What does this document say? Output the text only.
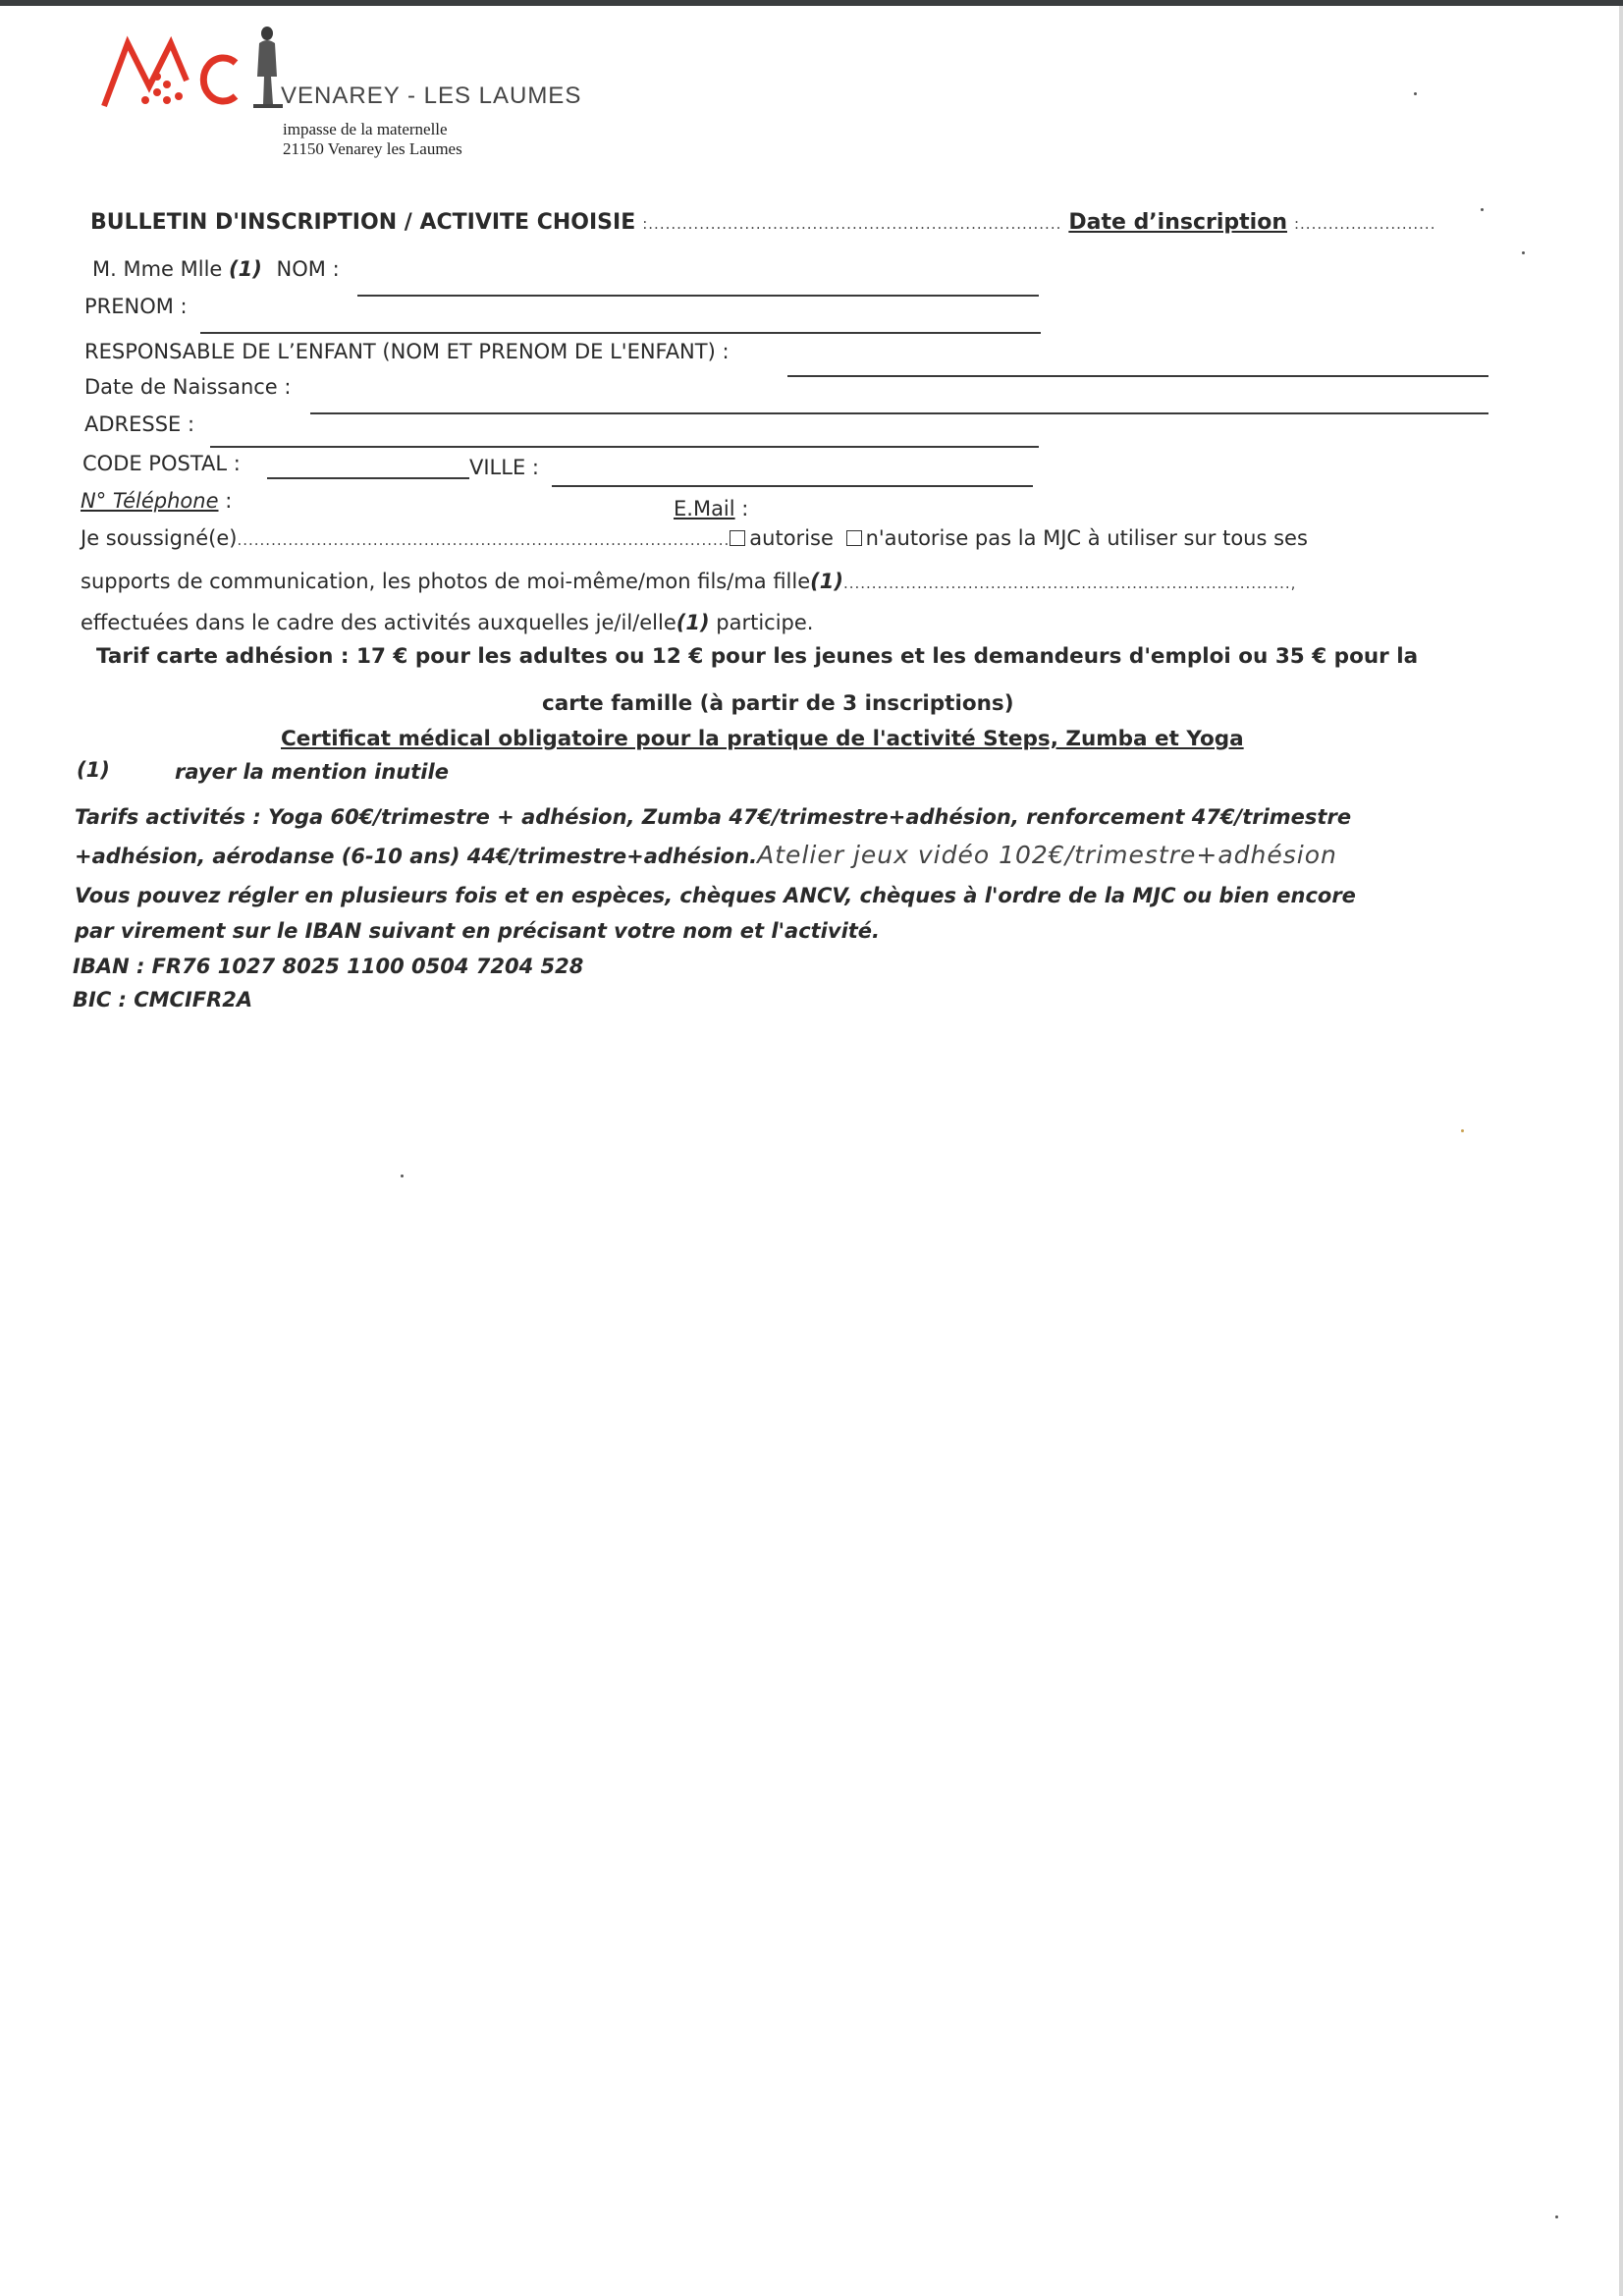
VENAREY - LES LAUMES
impasse de la maternelle
21150 Venarey les Laumes
BULLETIN D'INSCRIPTION / ACTIVITE CHOISIE :......................................................................... Date d’inscription :........................
M. Mme Mlle (1) NOM :
PRENOM :
RESPONSABLE DE L’ENFANT (NOM ET PRENOM DE L'ENFANT) :
Date de Naissance :
ADRESSE :
CODE POSTAL :	VILLE :
N° Téléphone :	E.Mail :
Je soussigné(e)....................................................................................... autorise n'autorise pas la MJC à utiliser sur tous ses
supports de communication, les photos de moi-même/mon fils/ma fille(1)...............................................................................,
effectuées dans le cadre des activités auxquelles je/il/elle(1) participe.
Tarif carte adhésion : 17 € pour les adultes ou 12 € pour les jeunes et les demandeurs d'emploi ou 35 € pour la
carte famille (à partir de 3 inscriptions)
Certificat médical obligatoire pour la pratique de l'activité Steps, Zumba et Yoga
(1)	rayer la mention inutile
Tarifs activités : Yoga 60€/trimestre + adhésion, Zumba 47€/trimestre+adhésion, renforcement 47€/trimestre
+adhésion, aérodanse (6-10 ans) 44€/trimestre+adhésion.Atelier jeux vidéo 102€/trimestre+adhésion
Vous pouvez régler en plusieurs fois et en espèces, chèques ANCV, chèques à l'ordre de la MJC ou bien encore
par virement sur le IBAN suivant en précisant votre nom et l'activité.
IBAN : FR76 1027 8025 1100 0504 7204 528
BIC : CMCIFR2A
